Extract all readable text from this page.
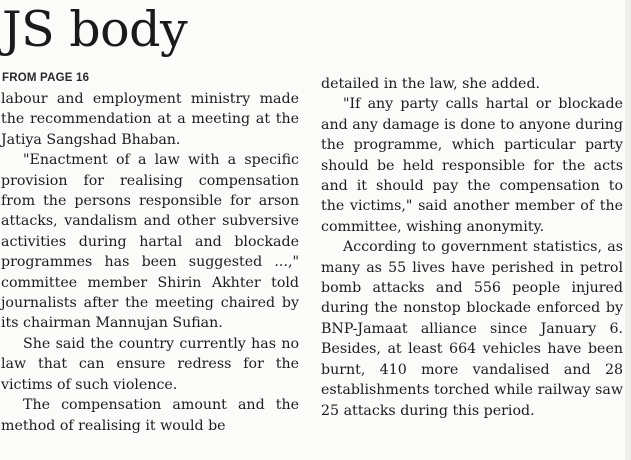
JS body
FROM PAGE 16

labour and employment ministry made the recommendation at a meeting at the Jatiya Sangshad Bhaban.

"Enactment of a law with a specific provision for realising compensation from the persons responsible for arson attacks, vandalism and other subversive activities during hartal and blockade programmes has been suggested ...," committee member Shirin Akhter told journalists after the meeting chaired by its chairman Mannujan Sufian.

She said the country currently has no law that can ensure redress for the victims of such violence.

The compensation amount and the method of realising it would be

detailed in the law, she added.

"If any party calls hartal or blockade and any damage is done to anyone during the programme, which particular party should be held responsible for the acts and it should pay the compensation to the victims," said another member of the committee, wishing anonymity.

According to government statistics, as many as 55 lives have perished in petrol bomb attacks and 556 people injured during the nonstop blockade enforced by BNP-Jamaat alliance since January 6. Besides, at least 664 vehicles have been burnt, 410 more vandalised and 28 establishments torched while railway saw 25 attacks during this period.
